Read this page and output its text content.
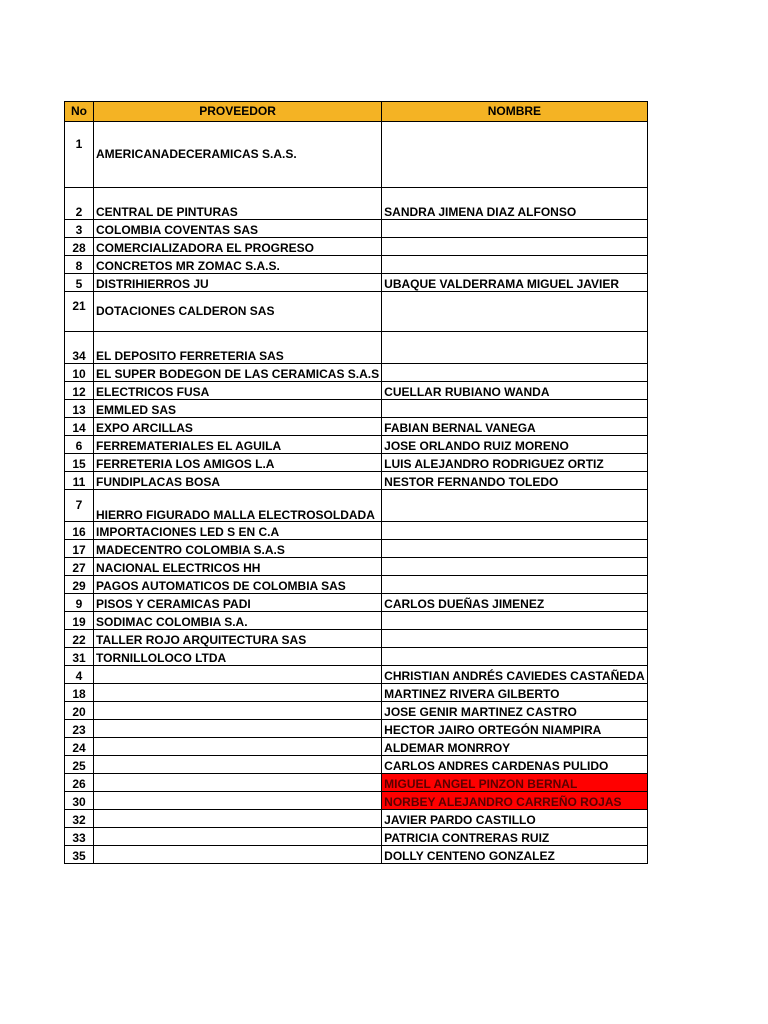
No	PROVEEDOR	NOMBRE
1	AMERICANADECERAMICAS S.A.S.	
2	CENTRAL DE PINTURAS	SANDRA JIMENA DIAZ ALFONSO
3	COLOMBIA COVENTAS SAS	
28	COMERCIALIZADORA EL PROGRESO	
8	CONCRETOS MR ZOMAC S.A.S.	
5	DISTRIHIERROS JU	UBAQUE VALDERRAMA MIGUEL JAVIER
21	DOTACIONES CALDERON SAS	
34	EL DEPOSITO FERRETERIA SAS	
10	EL SUPER BODEGON DE LAS CERAMICAS S.A.S	
12	ELECTRICOS FUSA	CUELLAR RUBIANO WANDA
13	EMMLED SAS	
14	EXPO ARCILLAS	FABIAN BERNAL VANEGA
6	FERREMATERIALES EL AGUILA	JOSE ORLANDO RUIZ MORENO
15	FERRETERIA LOS AMIGOS L.A	LUIS ALEJANDRO RODRIGUEZ ORTIZ
11	FUNDIPLACAS BOSA	NESTOR FERNANDO TOLEDO
7	HIERRO FIGURADO MALLA ELECTROSOLDADA	
16	IMPORTACIONES LED S EN C.A	
17	MADECENTRO COLOMBIA S.A.S	
27	NACIONAL ELECTRICOS HH	
29	PAGOS AUTOMATICOS DE COLOMBIA SAS	
9	PISOS Y CERAMICAS PADI	CARLOS DUEÑAS JIMENEZ
19	SODIMAC COLOMBIA S.A.	
22	TALLER ROJO ARQUITECTURA SAS	
31	TORNILLOLOCO LTDA	
4		CHRISTIAN ANDRÉS CAVIEDES CASTAÑEDA
18		MARTINEZ RIVERA GILBERTO
20		JOSE GENIR MARTINEZ CASTRO
23		HECTOR JAIRO ORTEGÓN NIAMPIRA
24		ALDEMAR MONRROY
25		CARLOS ANDRES CARDENAS PULIDO
26		MIGUEL ANGEL PINZON BERNAL
30		NORBEY ALEJANDRO CARREÑO ROJAS
32		JAVIER PARDO CASTILLO
33		PATRICIA CONTRERAS RUIZ
35		DOLLY CENTENO GONZALEZ
